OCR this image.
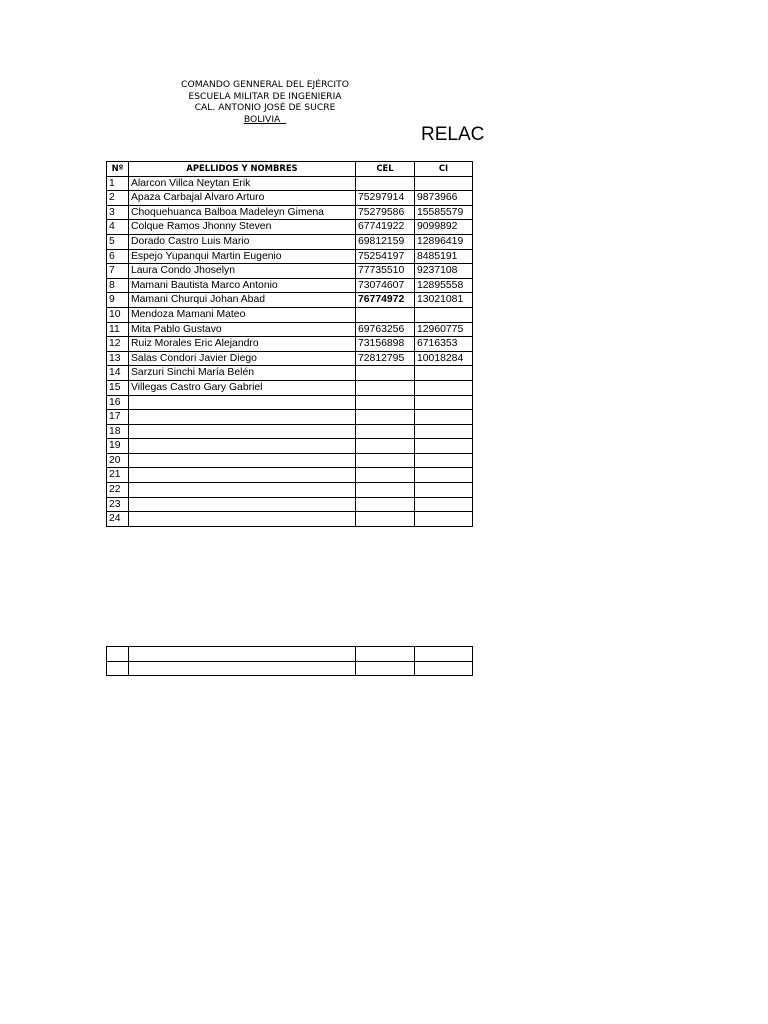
COMANDO GENNERAL DEL EJÉRCITO
ESCUELA MILITAR DE INGENIERIA
CAL. ANTONIO JOSÉ DE SUCRE
BOLIVIA
RELAC
Nº	APELLIDOS Y NOMBRES	CEL	CI
1	Alarcon Villca Neytan Erik		
2	Apaza Carbajal Alvaro Arturo	75297914	9873966
3	Choquehuanca Balboa Madeleyn Gimena	75279586	15585579
4	Colque Ramos Jhonny Steven	67741922	9099892
5	Dorado Castro Luis Mario	69812159	12896419
6	Espejo Yupanqui Martin Eugenio	75254197	8485191
7	Laura Condo Jhoselyn	77735510	9237108
8	Mamani Bautista Marco Antonio	73074607	12895558
9	Mamani Churqui Johan Abad	76774972	13021081
10	Mendoza Mamani Mateo		
11	Mita Pablo Gustavo	69763256	12960775
12	Ruiz Morales Eric Alejandro	73156898	6716353
13	Salas Condori Javier Diego	72812795	10018284
14	Sarzuri Sinchi María Belén		
15	Villegas Castro Gary Gabriel		
16			
17			
18			
19			
20			
21			
22			
23			
24			
